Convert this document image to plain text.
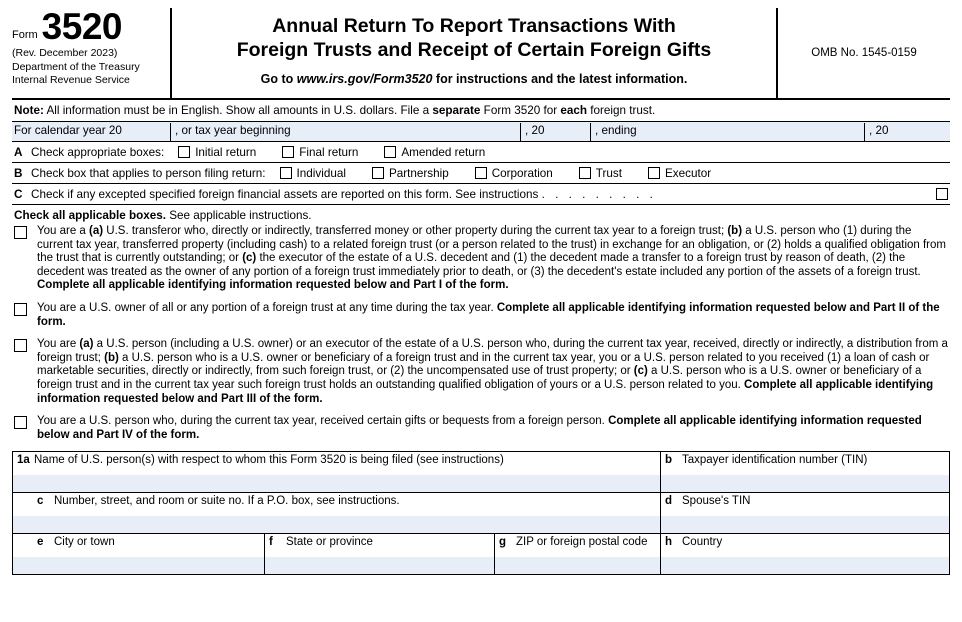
Form 3520
(Rev. December 2023)
Department of the Treasury
Internal Revenue Service
Annual Return To Report Transactions With
Foreign Trusts and Receipt of Certain Foreign Gifts
Go to www.irs.gov/Form3520 for instructions and the latest information.
OMB No. 1545-0159
Note: All information must be in English. Show all amounts in U.S. dollars. File a separate Form 3520 for each foreign trust.
For calendar year 20	, or tax year beginning	, 20	, ending	, 20
A Check appropriate boxes:	Initial return	Final return	Amended return
B Check box that applies to person filing return:	Individual	Partnership	Corporation	Trust	Executor
C Check if any excepted specified foreign financial assets are reported on this form. See instructions . . . . . . . . .
Check all applicable boxes. See applicable instructions.
You are a (a) U.S. transferor who, directly or indirectly, transferred money or other property during the current tax year to a foreign trust; (b) a U.S. person who (1) during the current tax year, transferred property (including cash) to a related foreign trust (or a person related to the trust) in exchange for an obligation, or (2) holds a qualified obligation from the trust that is currently outstanding; or (c) the executor of the estate of a U.S. decedent and (1) the decedent made a transfer to a foreign trust by reason of death, (2) the decedent was treated as the owner of any portion of a foreign trust immediately prior to death, or (3) the decedent's estate included any portion of the assets of a foreign trust. Complete all applicable identifying information requested below and Part I of the form.
You are a U.S. owner of all or any portion of a foreign trust at any time during the tax year. Complete all applicable identifying information requested below and Part II of the form.
You are (a) a U.S. person (including a U.S. owner) or an executor of the estate of a U.S. person who, during the current tax year, received, directly or indirectly, a distribution from a foreign trust; (b) a U.S. person who is a U.S. owner or beneficiary of a foreign trust and in the current tax year, you or a U.S. person related to you received (1) a loan of cash or marketable securities, directly or indirectly, from such foreign trust, or (2) the uncompensated use of trust property; or (c) a U.S. person who is a U.S. owner or beneficiary of a foreign trust and in the current tax year such foreign trust holds an outstanding qualified obligation of yours or a U.S. person related to you. Complete all applicable identifying information requested below and Part III of the form.
You are a U.S. person who, during the current tax year, received certain gifts or bequests from a foreign person. Complete all applicable identifying information requested below and Part IV of the form.
1a Name of U.S. person(s) with respect to whom this Form 3520 is being filed (see instructions)	b Taxpayer identification number (TIN)
c Number, street, and room or suite no. If a P.O. box, see instructions.	d Spouse's TIN
e City or town	f State or province	g ZIP or foreign postal code	h Country
